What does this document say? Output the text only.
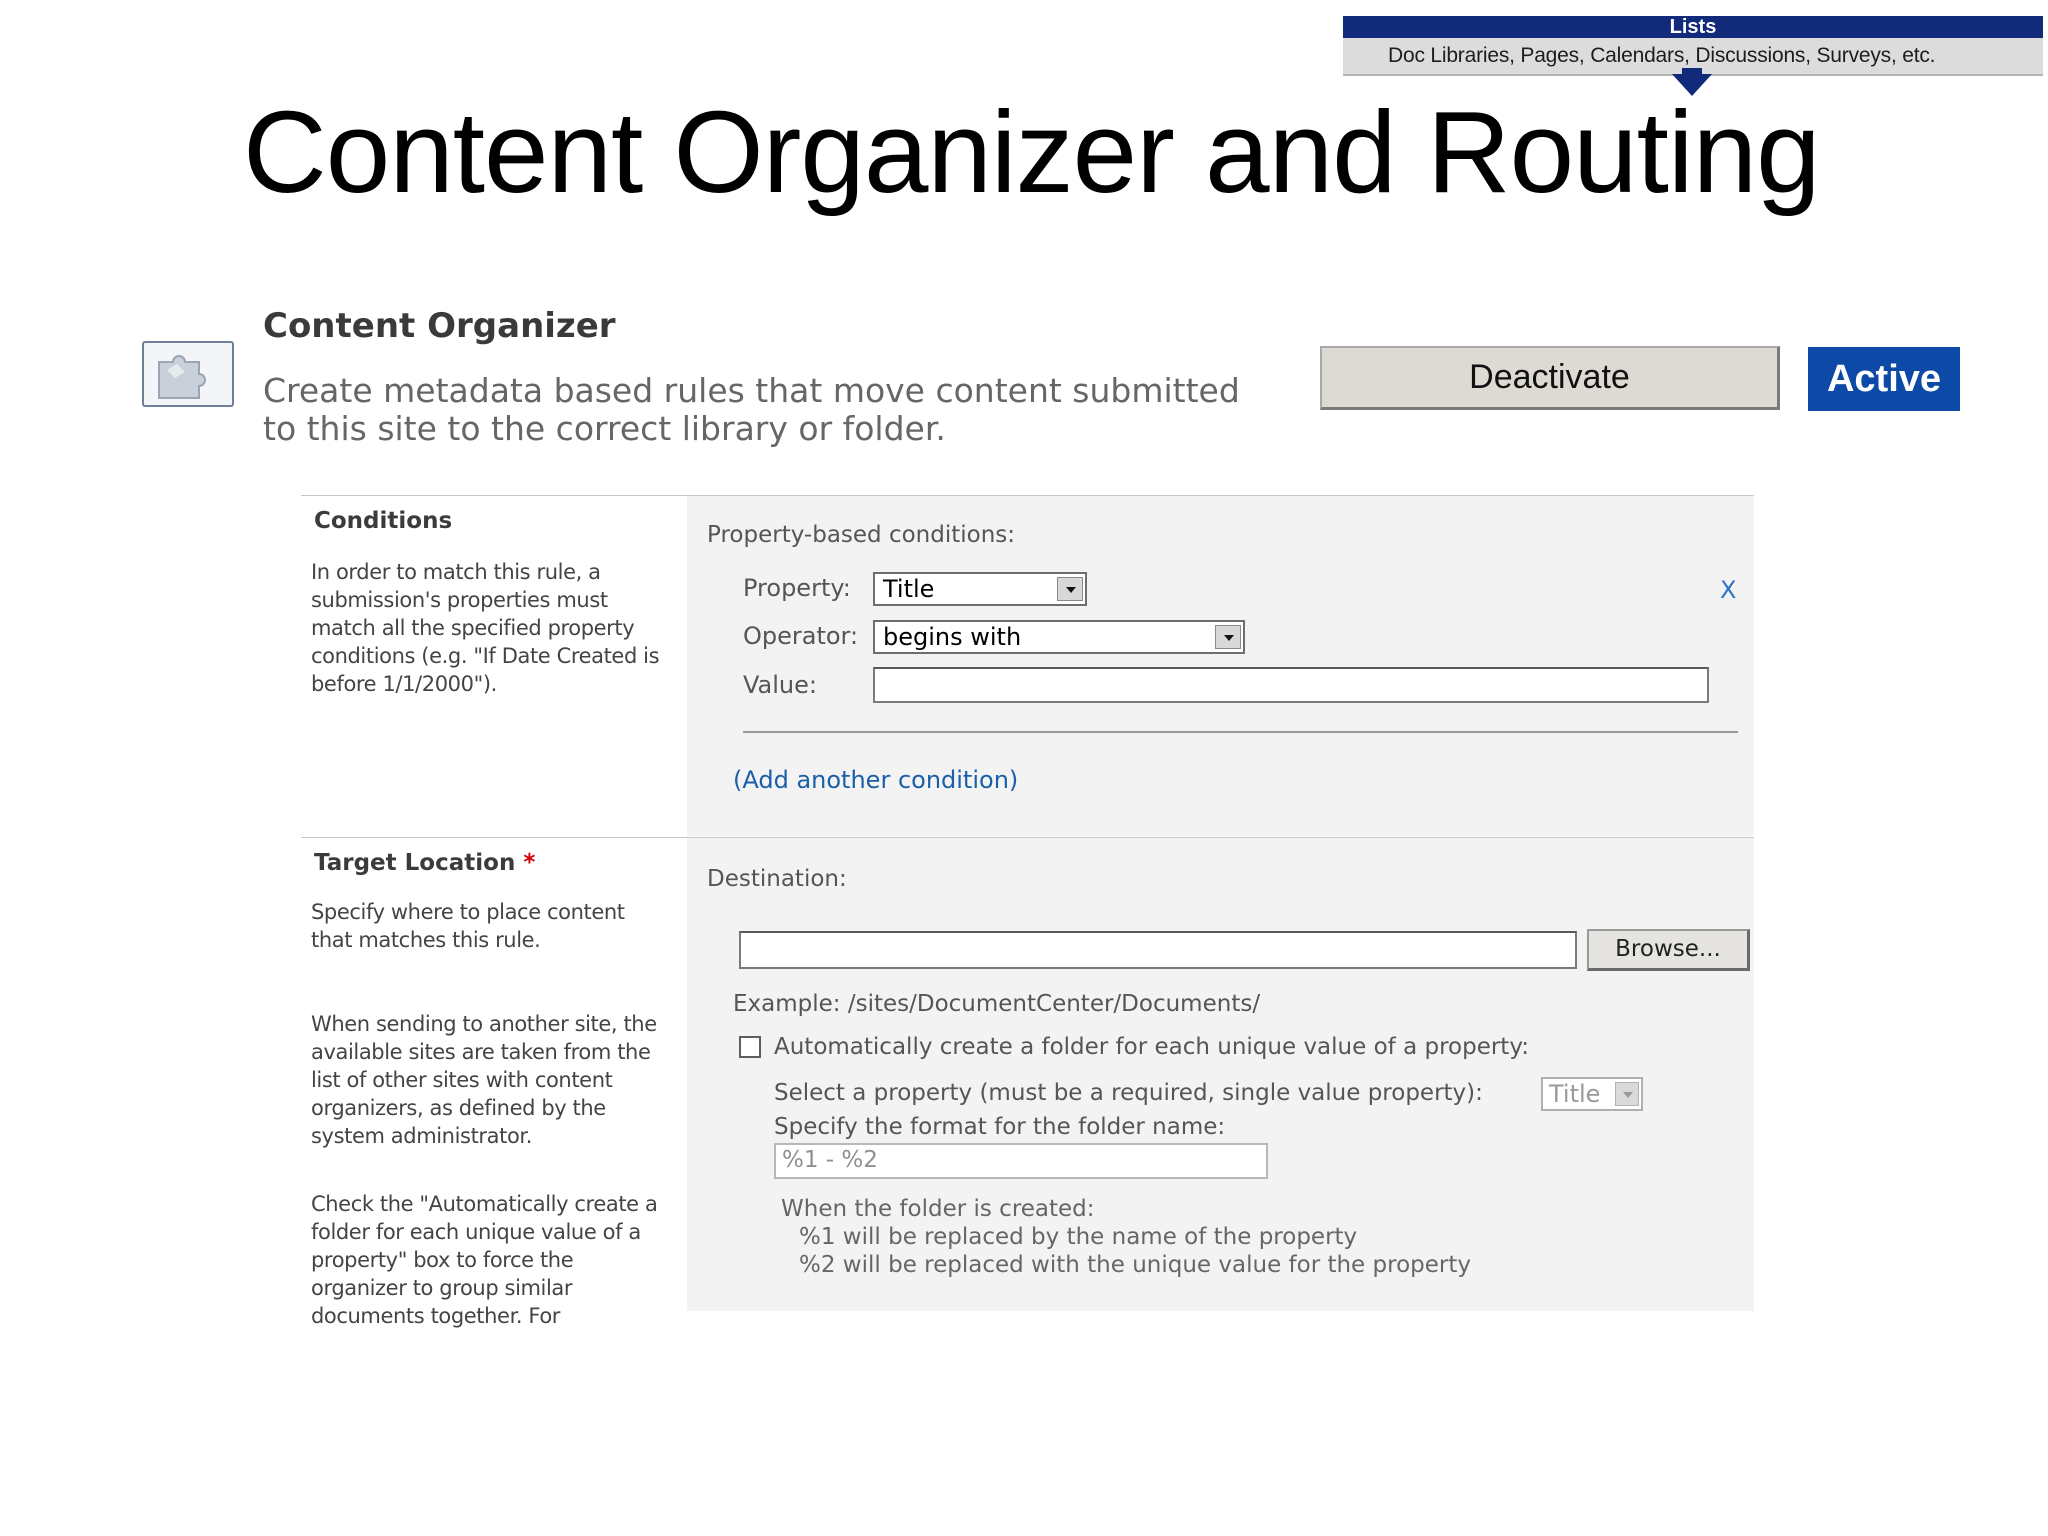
Lists
Doc Libraries, Pages, Calendars, Discussions, Surveys, etc.
Content Organizer and Routing
Content Organizer
Create metadata based rules that move content submitted to this site to the correct library or folder.
Deactivate	Active
Conditions
In order to match this rule, a submission's properties must match all the specified property conditions (e.g. "If Date Created is before 1/1/2000").
Property-based conditions:
Property:	Title	X
Operator:	begins with
Value:
(Add another condition)
Target Location *
Specify where to place content that matches this rule.
When sending to another site, the available sites are taken from the list of other sites with content organizers, as defined by the system administrator.
Check the "Automatically create a folder for each unique value of a property" box to force the organizer to group similar documents together. For
Destination:
Browse...
Example: /sites/DocumentCenter/Documents/
Automatically create a folder for each unique value of a property:
Select a property (must be a required, single value property):	Title
Specify the format for the folder name:
%1 - %2
When the folder is created:
%1 will be replaced by the name of the property
%2 will be replaced with the unique value for the property
